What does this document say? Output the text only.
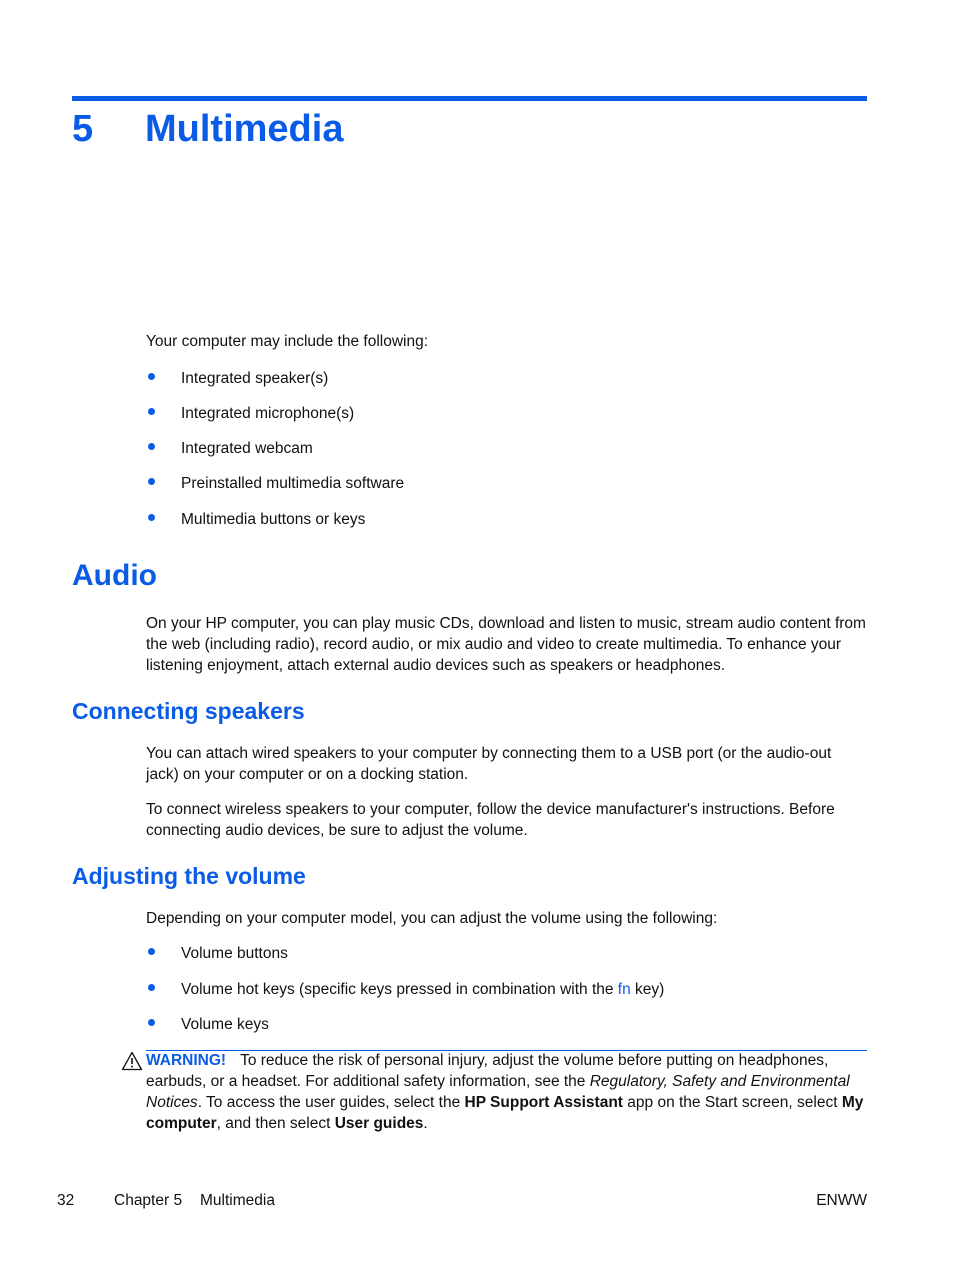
5 Multimedia
Your computer may include the following:
Integrated speaker(s)
Integrated microphone(s)
Integrated webcam
Preinstalled multimedia software
Multimedia buttons or keys
Audio
On your HP computer, you can play music CDs, download and listen to music, stream audio content from the web (including radio), record audio, or mix audio and video to create multimedia. To enhance your listening enjoyment, attach external audio devices such as speakers or headphones.
Connecting speakers
You can attach wired speakers to your computer by connecting them to a USB port (or the audio-out jack) on your computer or on a docking station.
To connect wireless speakers to your computer, follow the device manufacturer's instructions. Before connecting audio devices, be sure to adjust the volume.
Adjusting the volume
Depending on your computer model, you can adjust the volume using the following:
Volume buttons
Volume hot keys (specific keys pressed in combination with the fn key)
Volume keys
WARNING! To reduce the risk of personal injury, adjust the volume before putting on headphones, earbuds, or a headset. For additional safety information, see the Regulatory, Safety and Environmental Notices. To access the user guides, select the HP Support Assistant app on the Start screen, select My computer, and then select User guides.
32	Chapter 5 Multimedia	ENWW
